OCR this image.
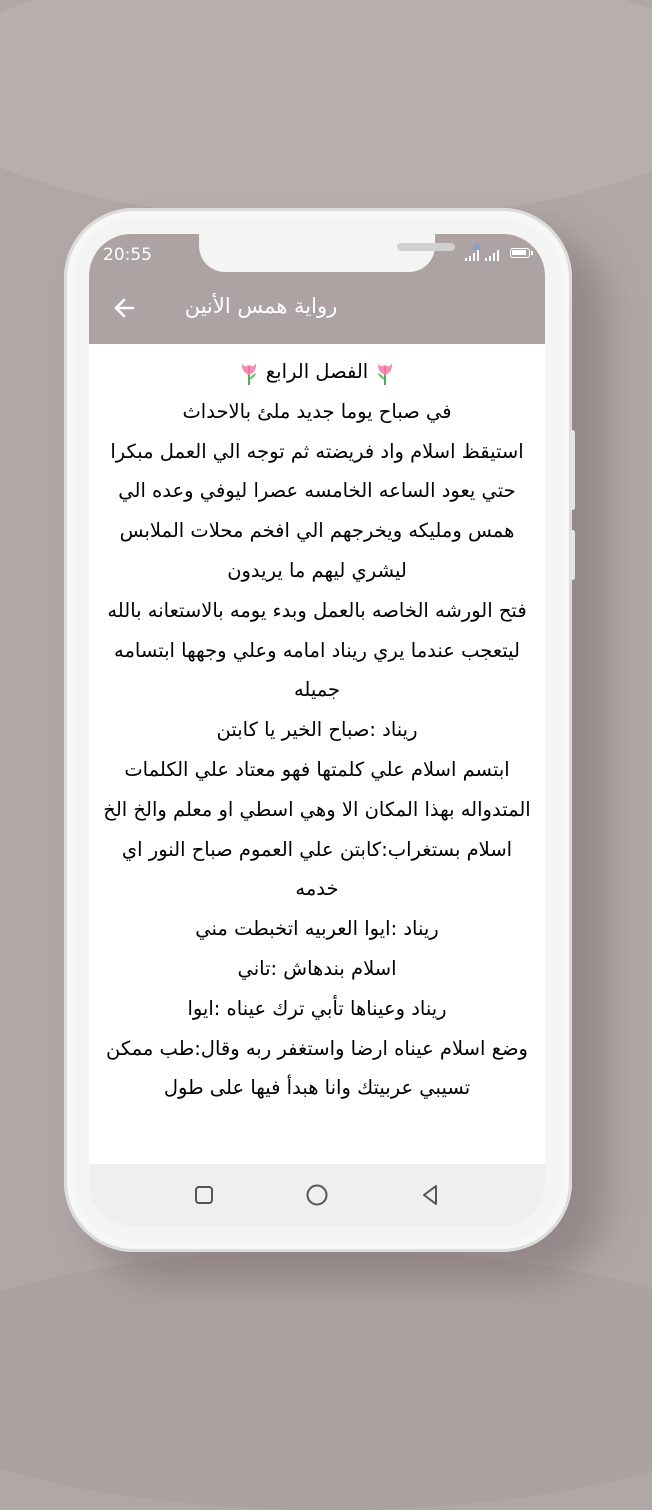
20:55
رواية همس الأنين

الفصل الرابع

في صباح يوما جديد ملئ بالاحداث

استيقظ اسلام واد فريضته ثم توجه الي العمل مبكرا حتي يعود الساعه الخامسه عصرا ليوفي وعده الي همس ومليكه ويخرجهم الي افخم محلات الملابس ليشري ليهم ما يريدون

فتح الورشه الخاصه بالعمل وبدء يومه بالاستعانه بالله

ليتعجب عندما يري ريناد امامه وعلي وجهها ابتسامه جميله

ريناد :صباح الخير يا كابتن

ابتسم اسلام علي كلمتها فهو معتاد علي الكلمات المتدواله بهذا المكان الا وهي اسطي او معلم والخ الخ

اسلام بستغراب:كابتن علي العموم صباح النور اي خدمه

ريناد :ايوا العربيه اتخبطت مني

اسلام بندهاش :تاني

ريناد وعيناها تأبي ترك عيناه :ايوا

وضع اسلام عيناه ارضا واستغفر ربه وقال:طب ممكن تسيبي عربيتك وانا هبدأ فيها على طول
